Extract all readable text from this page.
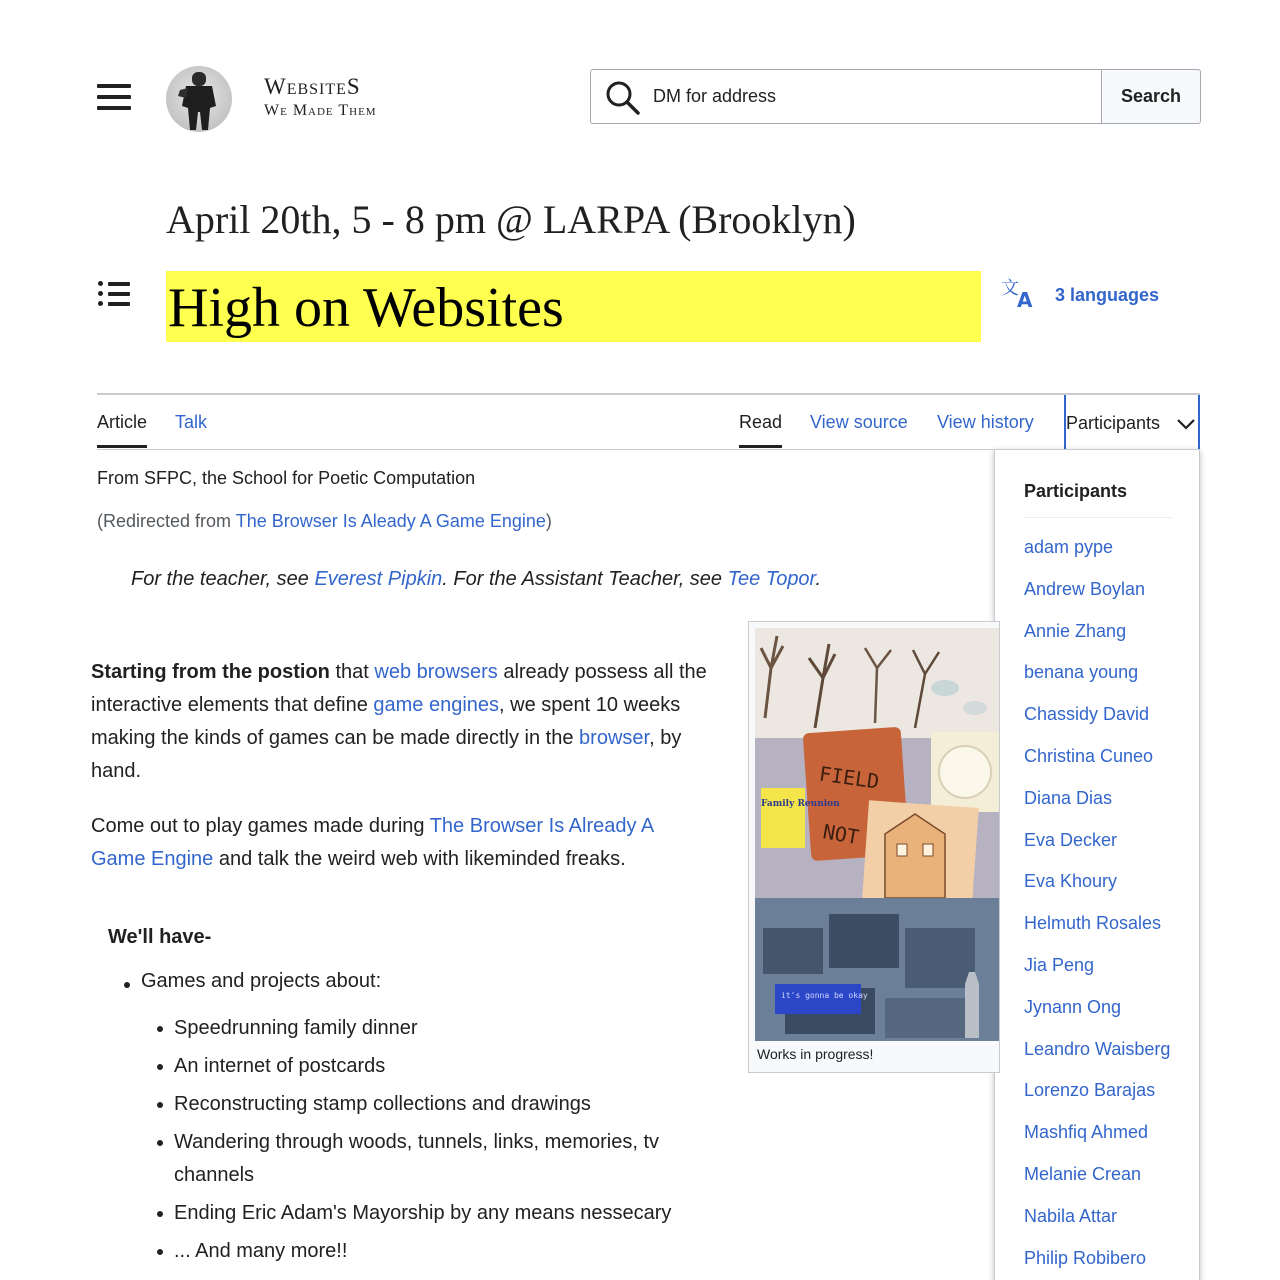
WebsiteS
We Made Them
DM for address	Search
April 20th, 5 - 8 pm @ LARPA (Brooklyn)
High on Websites	文
A 3 languages
Article Talk	Read View source View history Participants
Participants
adam pype
Andrew Boylan
Annie Zhang
benana young
Chassidy David
Christina Cuneo
Diana Dias
Eva Decker
Eva Khoury
Helmuth Rosales
Jia Peng
Jynann Ong
Leandro Waisberg
Lorenzo Barajas
Mashfiq Ahmed
Melanie Crean
Nabila Attar
Philip Robibero
From SFPC, the School for Poetic Computation
(Redirected from The Browser Is Aleady A Game Engine)
For the teacher, see Everest Pipkin. For the Assistant Teacher, see Tee Topor.

Starting from the postion that web browsers already possess all the interactive elements that define game engines, we spent 10 weeks making the kinds of games can be made directly in the browser, by hand.

Come out to play games made during The Browser Is Already A Game Engine and talk the weird web with likeminded freaks.

We'll have-
Games and projects about:
Speedrunning family dinner
An internet of postcards
Reconstructing stamp collections and drawings
Wandering through woods, tunnels, links, memories, tv channels
Ending Eric Adam's Mayorship by any means nessecary
... And many more!!
FIELD
NOT
Family Reunion
it's gonna be okay
Works in progress!
